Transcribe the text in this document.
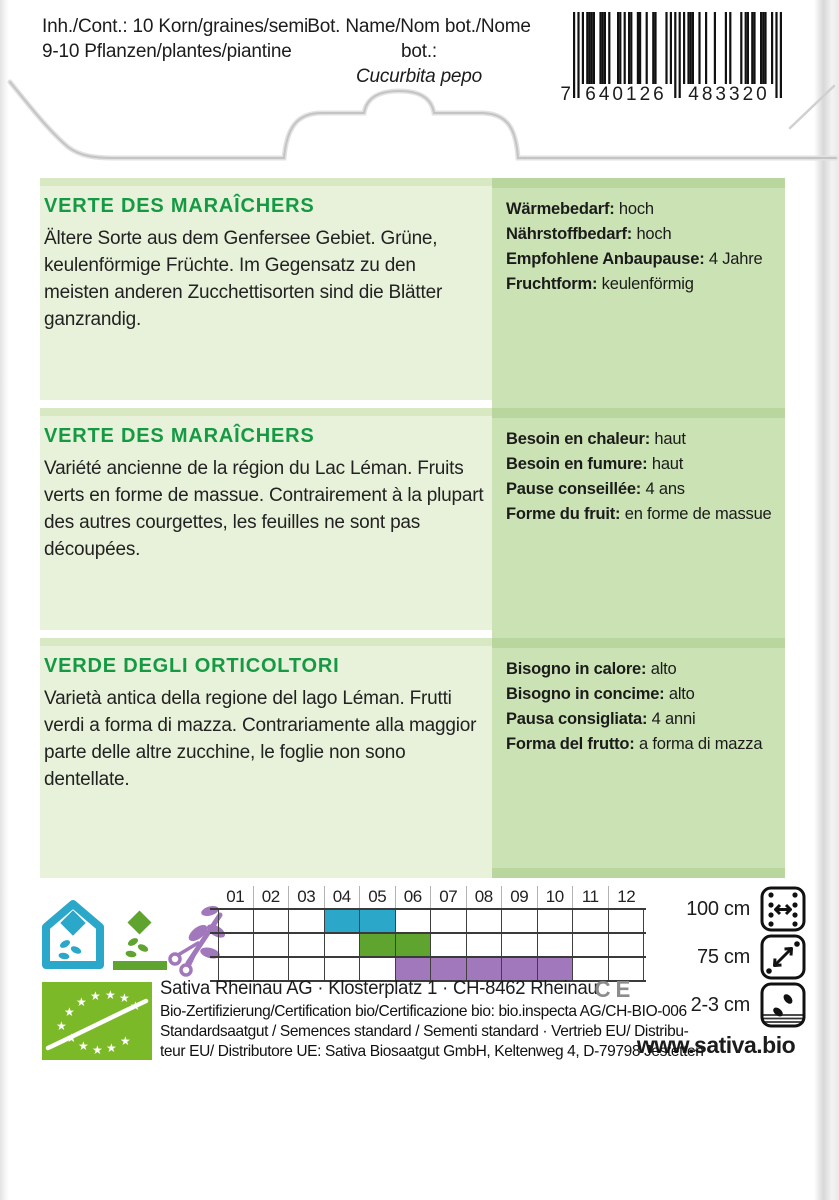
Inh./Cont.: 10 Korn/graines/semi
9-10 Pflanzen/plantes/piantine
Bot. Name/Nom bot./Nome bot.:
Cucurbita pepo
7 640126 483320
VERTE DES MARAÎCHERS

Ältere Sorte aus dem Genfersee Gebiet. Grüne, keulenförmige Früchte. Im Gegensatz zu den meisten anderen Zucchettisorten sind die Blätter ganzrandig.

VERTE DES MARAÎCHERS

Variété ancienne de la région du Lac Léman. Fruits verts en forme de massue. Contrairement à la plupart des autres courgettes, les feuilles ne sont pas découpées.

VERDE DEGLI ORTICOLTORI

Varietà antica della regione del lago Léman. Frutti verdi a forma di mazza. Contrariamente alla maggior parte delle altre zucchine, le foglie non sono dentellate.

Wärmebedarf: hoch
Nährstoffbedarf: hoch
Empfohlene Anbaupause: 4 Jahre
Fruchtform: keulenförmig
Besoin en chaleur: haut
Besoin en fumure: haut
Pause conseillée: 4 ans
Forme du fruit: en forme de massue
Bisogno in calore: alto
Bisogno in concime: alto
Pausa consigliata: 4 anni
Forma del frutto: a forma di mazza
01	02	03	04	05	06	07	08	09	10	11	12
100 cm
75 cm
2-3 cm
www.sativa.bio
★
★
★ ★ ★ ★
★
★
★ ★ ★ ★
Sativa Rheinau AG · Klosterplatz 1 · CH-8462 Rheinau
CE
Bio-Zertifizierung/Certification bio/Certificazione bio: bio.inspecta AG/CH-BIO-006
Standardsaatgut / Semences standard / Sementi standard · Vertrieb EU/ Distribu-
teur EU/ Distributore UE: Sativa Biosaatgut GmbH, Keltenweg 4, D-79798 Jestetten
